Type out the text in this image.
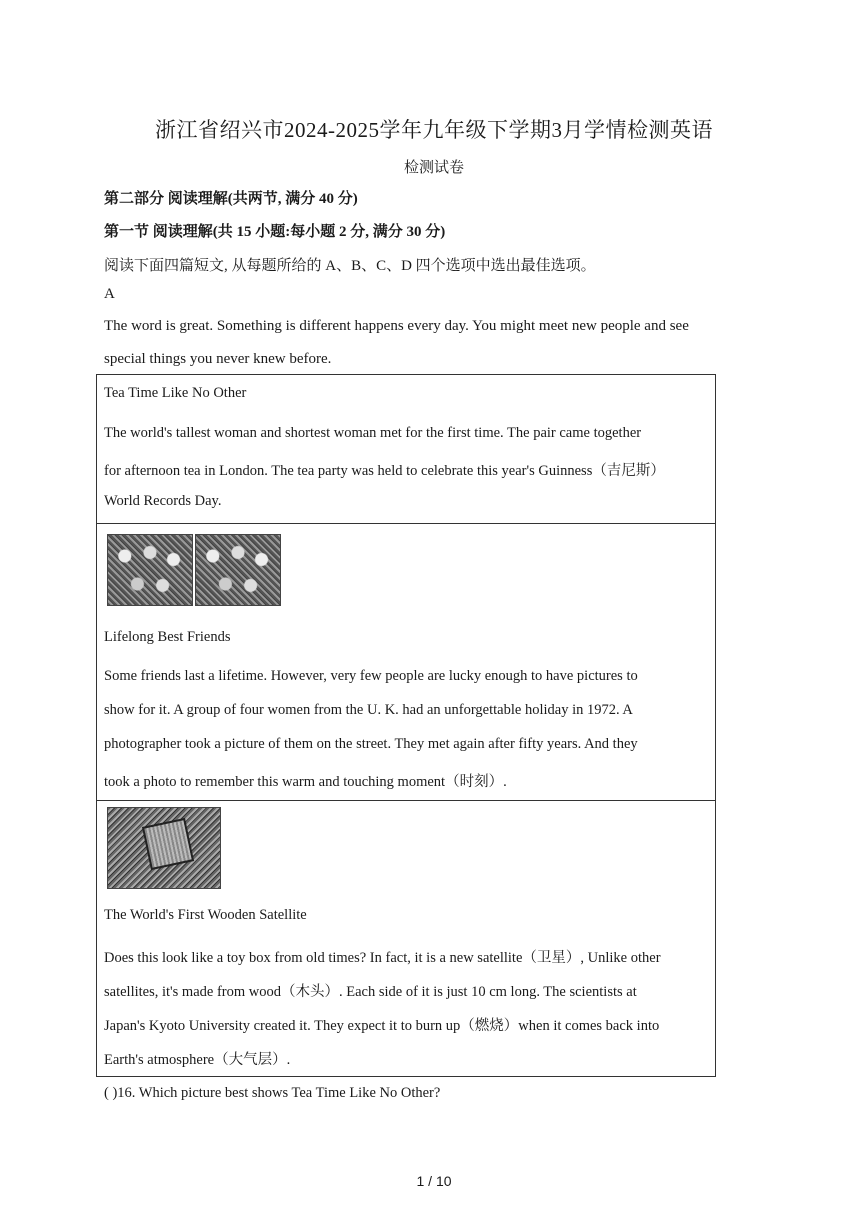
浙江省绍兴市2024-2025学年九年级下学期3月学情检测英语
检测试卷
第二部分 阅读理解(共两节, 满分 40 分)
第一节 阅读理解(共 15 小题:每小题 2 分, 满分 30 分)
阅读下面四篇短文, 从每题所给的 A、B、C、D 四个选项中选出最佳选项。
A
The word is great. Something is different happens every day. You might meet new people and see
special things you never knew before.
Tea Time Like No Other
The world's tallest woman and shortest woman met for the first time. The pair came together
for afternoon tea in London. The tea party was held to celebrate this year's Guinness（吉尼斯）
World Records Day.
Lifelong Best Friends
Some friends last a lifetime. However, very few people are lucky enough to have pictures to
show for it. A group of four women from the U. K. had an unforgettable holiday in 1972. A
photographer took a picture of them on the street. They met again after fifty years. And they
took a photo to remember this warm and touching moment（时刻）.
The World's First Wooden Satellite
Does this look like a toy box from old times? In fact, it is a new satellite（卫星）, Unlike other
satellites, it's made from wood（木头）. Each side of it is just 10 cm long. The scientists at
Japan's Kyoto University created it. They expect it to burn up（燃烧）when it comes back into
Earth's atmosphere（大气层）.
( )16. Which picture best shows Tea Time Like No Other?
1 / 10
